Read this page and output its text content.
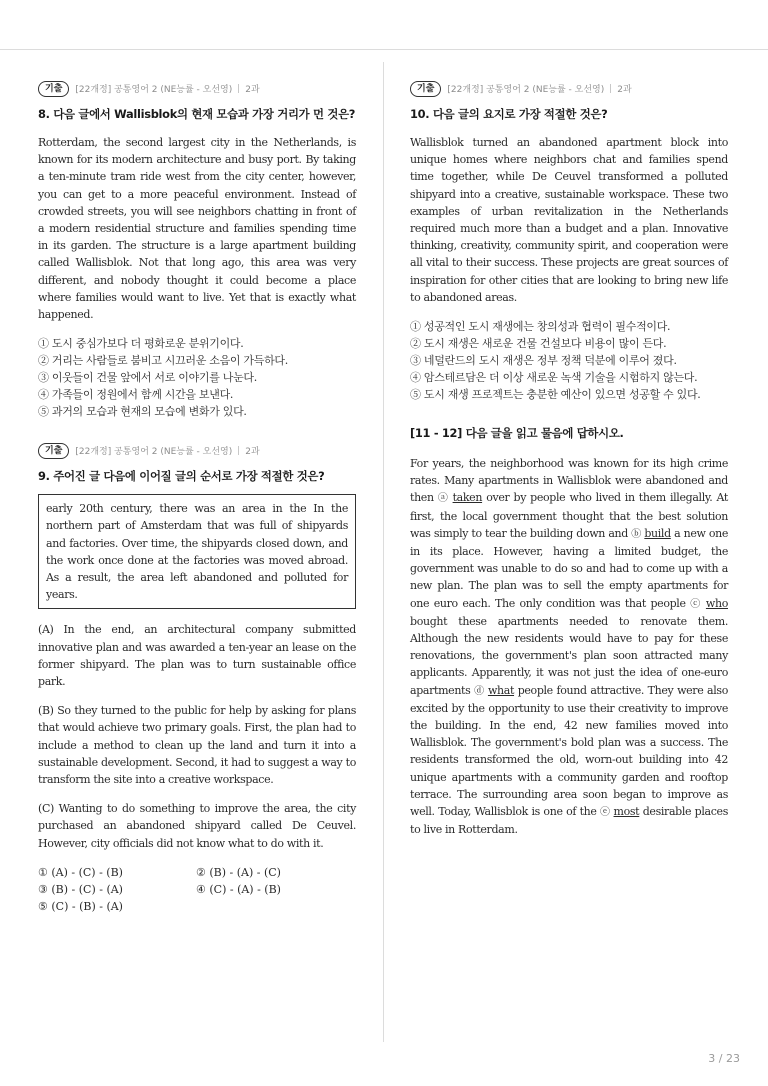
기출	[22개정] 공통영어 2 (NE능률 - 오선영) 2과
8. 다음 글에서 Wallisblok의 현재 모습과 가장 거리가 먼 것은?

Rotterdam, the second largest city in the Netherlands, is known for its modern architecture and busy port. By taking a ten-minute tram ride west from the city center, however, you can get to a more peaceful environment. Instead of crowded streets, you will see neighbors chatting in front of a modern residential structure and families spending time in its garden. The structure is a large apartment building called Wallisblok. Not that long ago, this area was very different, and nobody thought it could become a place where families would want to live. Yet that is exactly what happened.

① 도시 중심가보다 더 평화로운 분위기이다.
② 거리는 사람들로 붐비고 시끄러운 소음이 가득하다.
③ 이웃들이 건물 앞에서 서로 이야기를 나눈다.
④ 가족들이 정원에서 함께 시간을 보낸다.
⑤ 과거의 모습과 현재의 모습에 변화가 있다.
기출	[22개정] 공통영어 2 (NE능률 - 오선영) 2과
9. 주어진 글 다음에 이어질 글의 순서로 가장 적절한 것은?
early 20th century, there was an area in the In the northern part of Amsterdam that was full of shipyards and factories. Over time, the shipyards closed down, and the work once done at the factories was moved abroad. As a result, the area left abandoned and polluted for years.

(A) In the end, an architectural company submitted innovative plan and was awarded a ten-year an lease on the former shipyard. The plan was to turn sustainable office park.

(B) So they turned to the public for help by asking for plans that would achieve two primary goals. First, the plan had to include a method to clean up the land and turn it into a sustainable development. Second, it had to suggest a way to transform the site into a creative workspace.

(C) Wanting to do something to improve the area, the city purchased an abandoned shipyard called De Ceuvel. However, city officials did not know what to do with it.

① (A) - (C) - (B)	② (B) - (A) - (C)
③ (B) - (C) - (A)	④ (C) - (A) - (B)
⑤ (C) - (B) - (A)
기출	[22개정] 공통영어 2 (NE능률 - 오선영) 2과
10. 다음 글의 요지로 가장 적절한 것은?

Wallisblok turned an abandoned apartment block into unique homes where neighbors chat and families spend time together, while De Ceuvel transformed a polluted shipyard into a creative, sustainable workspace. These two examples of urban revitalization in the Netherlands required much more than a budget and a plan. Innovative thinking, creativity, community spirit, and cooperation were all vital to their success. These projects are great sources of inspiration for other cities that are looking to bring new life to abandoned areas.

① 성공적인 도시 재생에는 창의성과 협력이 필수적이다.
② 도시 재생은 새로운 건물 건설보다 비용이 많이 든다.
③ 네덜란드의 도시 재생은 정부 정책 덕분에 이루어 졌다.
④ 암스테르담은 더 이상 새로운 녹색 기술을 시험하지 않는다.
⑤ 도시 재생 프로젝트는 충분한 예산이 있으면 성공할 수 있다.
[11 - 12] 다음 글을 읽고 물음에 답하시오.

For years, the neighborhood was known for its high crime rates. Many apartments in Wallisblok were abandoned and then ⓐ taken over by people who lived in them illegally. At first, the local government thought that the best solution was simply to tear the building down and ⓑ build a new one in its place. However, having a limited budget, the government was unable to do so and had to come up with a new plan. The plan was to sell the empty apartments for one euro each. The only condition was that people ⓒ who bought these apartments needed to renovate them. Although the new residents would have to pay for these renovations, the government's plan soon attracted many applicants. Apparently, it was not just the idea of one-euro apartments ⓓ what people found attractive. They were also excited by the opportunity to use their creativity to improve the building. In the end, 42 new families moved into Wallisblok. The government's bold plan was a success. The residents transformed the old, worn-out building into 42 unique apartments with a community garden and rooftop terrace. The surrounding area soon began to improve as well. Today, Wallisblok is one of the ⓔ most desirable places to live in Rotterdam.

3 / 23
